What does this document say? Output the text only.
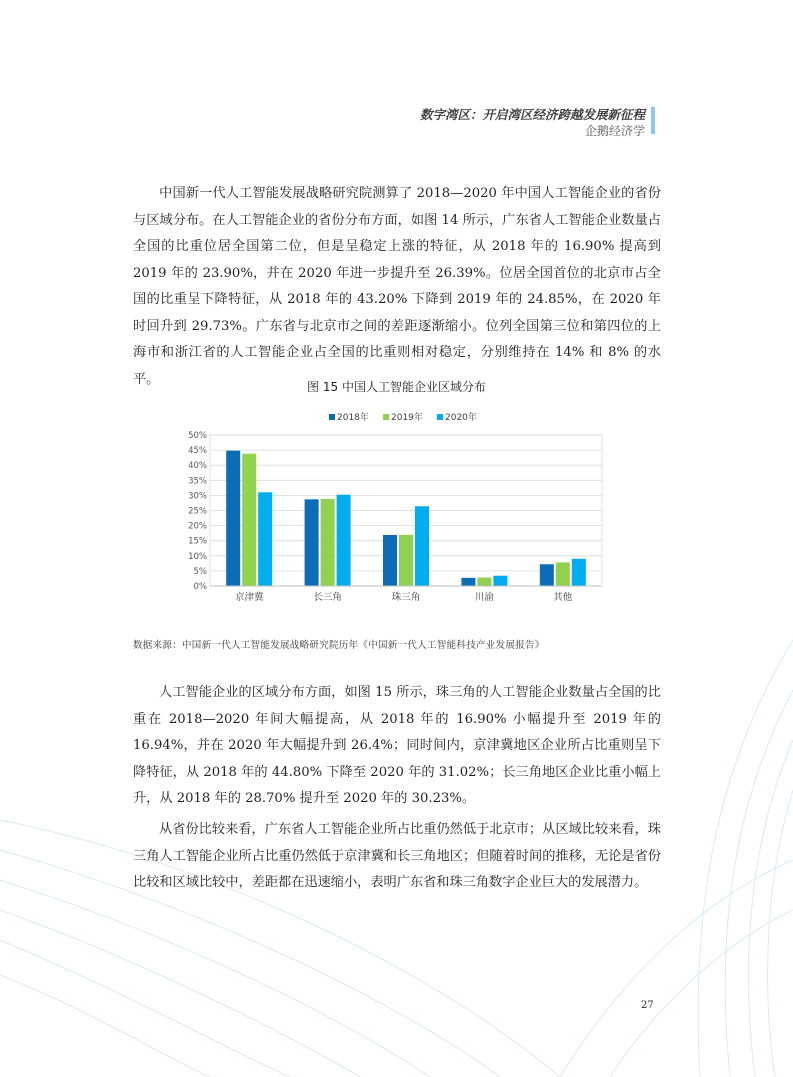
数字湾区：开启湾区经济跨越发展新征程
企鹅经济学

中国新一代人工智能发展战略研究院测算了 2018—2020 年中国人工智能企业的省份与区域分布。在人工智能企业的省份分布方面，如图 14 所示，广东省人工智能企业数量占全国的比重位居全国第二位，但是呈稳定上涨的特征，从 2018 年的 16.90% 提高到 2019 年的 23.90%，并在 2020 年进一步提升至 26.39%。位居全国首位的北京市占全国的比重呈下降特征，从 2018 年的 43.20% 下降到 2019 年的 24.85%，在 2020 年时回升到 29.73%。广东省与北京市之间的差距逐渐缩小。位列全国第三位和第四位的上海市和浙江省的人工智能企业占全国的比重则相对稳定，分别维持在 14% 和 8% 的水平。

图 15 中国人工智能企业区域分布
0%
5%
10%
15%
20%
25%
30%
35%
40%
45%
50%
京津冀	长三角	珠三角	川渝	其他
2018年 2019年 2020年
数据来源：中国新一代人工智能发展战略研究院历年《中国新一代人工智能科技产业发展报告》

人工智能企业的区域分布方面，如图 15 所示，珠三角的人工智能企业数量占全国的比重在 2018—2020 年间大幅提高，从 2018 年的 16.90% 小幅提升至 2019 年的 16.94%，并在 2020 年大幅提升到 26.4%；同时间内，京津冀地区企业所占比重则呈下降特征，从 2018 年的 44.80% 下降至 2020 年的 31.02%；长三角地区企业比重小幅上升，从 2018 年的 28.70% 提升至 2020 年的 30.23%。

从省份比较来看，广东省人工智能企业所占比重仍然低于北京市；从区域比较来看，珠三角人工智能企业所占比重仍然低于京津冀和长三角地区；但随着时间的推移，无论是省份比较和区域比较中，差距都在迅速缩小，表明广东省和珠三角数字企业巨大的发展潜力。

27
